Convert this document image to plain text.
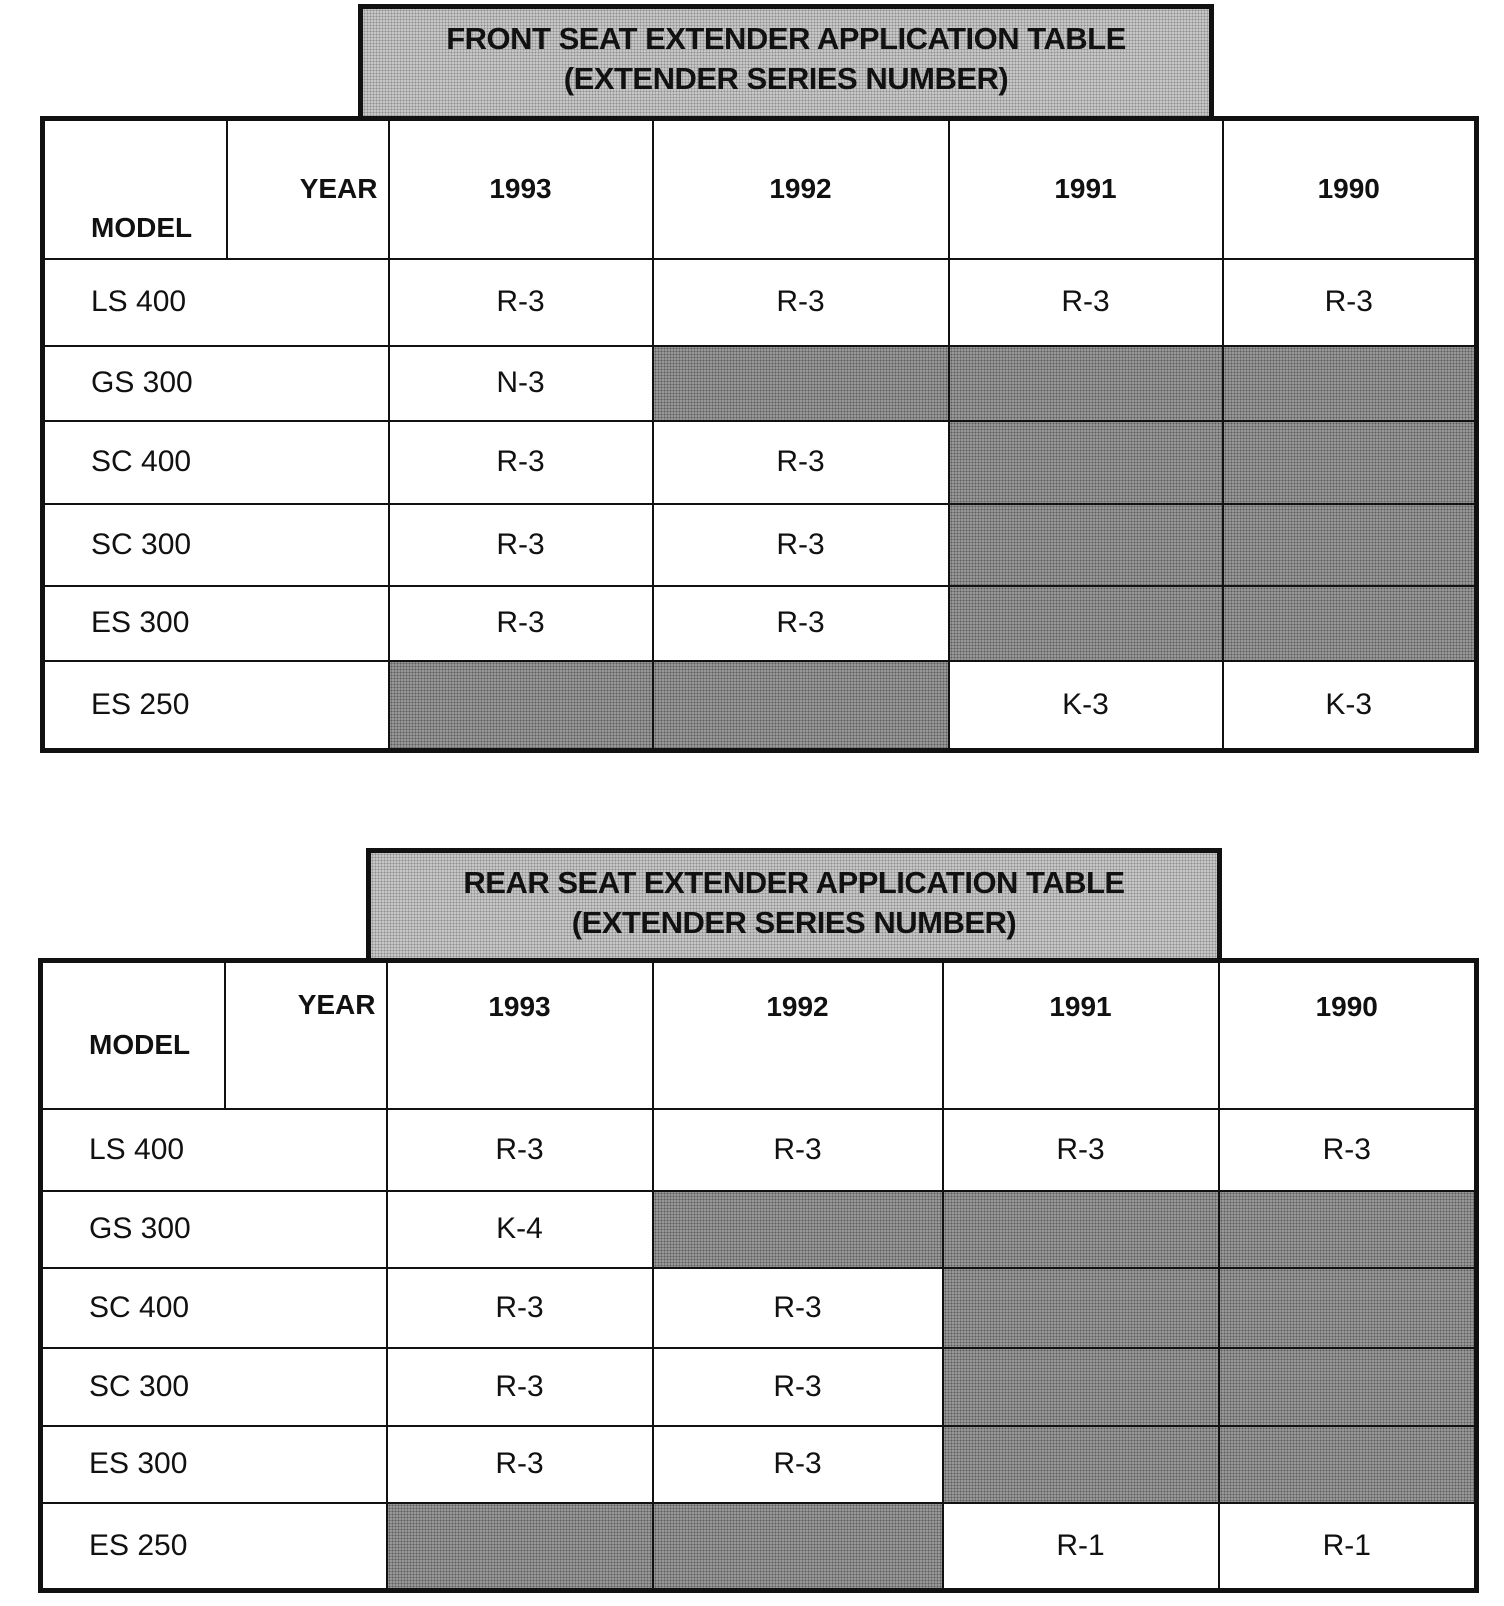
FRONT SEAT EXTENDER APPLICATION TABLE
(EXTENDER SERIES NUMBER)
YEAR
MODEL	1993	1992	1991	1990
LS 400	R-3	R-3	R-3	R-3
GS 300	N-3			
SC 400	R-3	R-3		
SC 300	R-3	R-3		
ES 300	R-3	R-3		
ES 250			K-3	K-3
REAR SEAT EXTENDER APPLICATION TABLE
(EXTENDER SERIES NUMBER)
YEAR
MODEL	1993	1992	1991	1990
LS 400	R-3	R-3	R-3	R-3
GS 300	K-4			
SC 400	R-3	R-3		
SC 300	R-3	R-3		
ES 300	R-3	R-3		
ES 250			R-1	R-1
